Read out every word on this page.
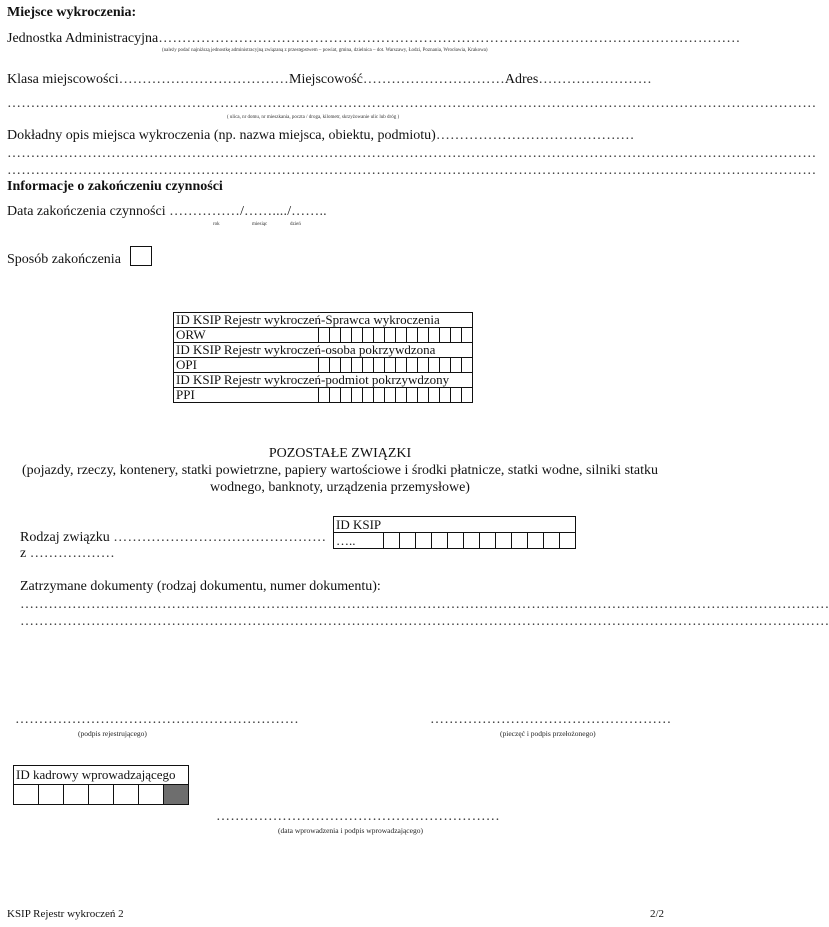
Miejsce wykroczenia:
Jednostka Administracyjna……………………………………………………………………………………………………………
(należy podać najniższą jednostkę administracyjną związaną z przestępstwem – powiat, gmina, dzielnica – dot. Warszawy, Łodzi, Poznania, Wrocławia, Krakowa)
Klasa miejscowości………………………………Miejscowość…………………………Adres……………………
………………………………………………………………………………………………………………………………………………………
( ulica, nr domu, nr mieszkania, poczta / droga, kilometr, skrzyżowanie ulic lub dróg )
Dokładny opis miejsca wykroczenia (np. nazwa miejsca, obiektu, podmiotu)……………………………………
………………………………………………………………………………………………………………………………………………………
………………………………………………………………………………………………………………………………………………………
Informacje o zakończeniu czynności
Data zakończenia czynności ……………/……..../……..
rok	miesiąc	dzień
Sposób zakończenia
ID KSIP Rejestr wykroczeń-Sprawca wykroczenia														
ORW														
ID KSIP Rejestr wykroczeń-osoba pokrzywdzona														
OPI														
ID KSIP Rejestr wykroczeń-podmiot pokrzywdzony														
PPI														
POZOSTAŁE ZWIĄZKI
(pojazdy, rzeczy, kontenery, statki powietrzne, papiery wartościowe i środki płatnicze, statki wodne, silniki statku
wodnego, banknoty, urządzenia przemysłowe)
Rodzaj związku ………………………………………
z ………………
ID KSIP
…..												
Zatrzymane dokumenty (rodzaj dokumentu, numer dokumentu):
………………………………………………………………………………………………………………………………………………………
………………………………………………………………………………………………………………………………………………………
……………………………………………………
(podpis rejestrującego)
……………………………………………
(pieczęć i podpis przełożonego)
ID kadrowy wprowadzającego

……………………………………………………
(data wprowadzenia i podpis wprowadzającego)
KSIP Rejestr wykroczeń 2	2/2
